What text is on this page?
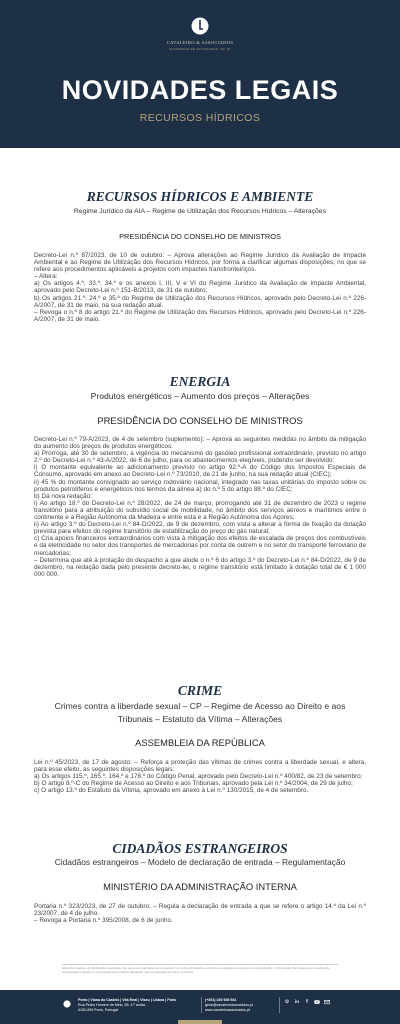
CAVALEIRO & ASSOCIADOS
SOCIEDADE DE ADVOGADOS, SP, RL
NOVIDADES LEGAIS
RECURSOS HÍDRICOS
RECURSOS HÍDRICOS E AMBIENTE
Regime Jurídico da AIA – Regime de Utilização dos Recursos Hídricos – Alterações
PRESIDÊNCIA DO CONSELHO DE MINISTROS

Decreto-Lei n.º 87/2023, de 10 de outubro: – Aprova alterações ao Regime Jurídico da Avaliação de Impacte Ambiental e ao Regime de Utilização dos Recursos Hídricos, por forma a clarificar algumas disposições, no que se refere aos procedimentos aplicáveis a projetos com impactes transfronteiriços.

– Altera:

a) Os artigos 4.º, 33.º, 34.º e os anexos I, III, V e VI do Regime Jurídico da Avaliação de Impacte Ambiental, aprovado pelo Decreto-Lei n.º 151-B/2013, de 31 de outubro;

b) Os artigos 21.º, 24.º e 35.º do Regime de Utilização dos Recursos Hídricos, aprovado pelo Decreto-Lei n.º 226-A/2007, de 31 de maio, na sua redação atual.

– Revoga o n.º 8 do artigo 21.º do Regime de Utilização dos Recursos Hídricos, aprovado pelo Decreto-Lei n.º 226-A/2007, de 31 de maio.

ENERGIA
Produtos energéticos – Aumento dos preços – Alterações
PRESIDÊNCIA DO CONSELHO DE MINISTROS

Decreto-Lei n.º 79-A/2023, de 4 de setembro (suplemento): – Aprova as seguintes medidas no âmbito da mitigação do aumento dos preços de produtos energéticos:

a) Prorroga, até 30 de setembro, a vigência do mecanismo do gasóleo profissional extraordinário, previsto no artigo 2.º do Decreto-Lei n.º 43-A/2022, de 6 de julho, para os abastecimentos elegíveis, podendo ser devolvido:

i) O montante equivalente ao adicionamento previsto no artigo 92.º-A do Código dos Impostos Especiais de Consumo, aprovado em anexo ao Decreto-Lei n.º 73/2010, de 21 de junho, na sua redação atual (CIEC);

ii) 45 % do montante consignado ao serviço rodoviário nacional, integrado nas taxas unitárias do imposto sobre os produtos petrolíferos e energéticos nos termos da alínea a) do n.º 5 do artigo 88.º do CIEC;

b) Dá nova redação:

i) Ao artigo 18.º do Decreto-Lei n.º 28/2022, de 24 de março, prorrogando até 31 de dezembro de 2023 o regime transitório para a atribuição do subsídio social de mobilidade, no âmbito dos serviços aéreos e marítimos entre o continente e a Região Autónoma da Madeira e entre esta e a Região Autónoma dos Açores;

ii) Ao artigo 3.º do Decreto-Lei n.º 84-D/2022, de 9 de dezembro, com vista a alterar a forma de fixação da dotação prevista para efeitos do regime transitório de estabilização do preço do gás natural;

c) Cria apoios financeiros extraordinários com vista à mitigação dos efeitos de escalada de preços dos combustíveis e da eletricidade no setor dos transportes de mercadorias por conta de outrem e no setor do transporte ferroviário de mercadorias;

– Determina que até à prolação do despacho a que alude o n.º 6 do artigo 3.º do Decreto-Lei n.º 84-D/2022, de 9 de dezembro, na redação dada pelo presente decreto-lei, o regime transitório está limitado à dotação total de € 1 000 000 000.

CRIME
Crimes contra a liberdade sexual – CP – Regime de Acesso ao Direito e aos Tribunais – Estatuto da Vítima – Alterações
ASSEMBLEIA DA REPÚBLICA

Lei n.º 45/2023, de 17 de agosto: – Reforça a proteção das vítimas de crimes contra a liberdade sexual, e altera, para esse efeito, as seguintes disposições legais:

a) Os artigos 115.º, 165.º, 164.º e 178.º do Código Penal, aprovado pelo Decreto-Lei n.º 400/82, de 23 de setembro;

b) O artigo 8.º-C do Regime de Acesso ao Direito e aos Tribunais, aprovado pela Lei n.º 34/2004, de 29 de julho;

c) O artigo 13.º do Estatuto da Vítima, aprovado em anexo à Lei n.º 130/2015, de 4 de setembro.

CIDADÃOS ESTRANGEIROS
Cidadãos estrangeiros – Modelo de declaração de entrada – Regulamentação
MINISTÉRIO DA ADMINISTRAÇÃO INTERNA

Portaria n.º 323/2023, de 27 de outubro: – Regula a declaração de entrada a que se refere o artigo 14.º da Lei n.º 23/2007, de 4 de julho.

– Revoga a Portaria n.º 395/2008, de 6 de junho.

Esta informação é de distribuição reservada, não deve ser entendida como qualquer forma de publicidade e encontra-se vedada a sua cópia sem autorização. A informação não dispensa a consulta dos textos legais originais e o aconselhamento jurídico adequado para a resolução de casos concretos.
Porto | Viana do Castelo | Vila Real | Viseu | Lisboa | Paris
Rua Pedro Homem de Melo, 55, 4.º andar,
4150-599 Porto, Portugal
(+351) 220 945 941
geral@cavaleiroassociados.pt
www.cavaleiroassociados.pt
⚙ in	f
